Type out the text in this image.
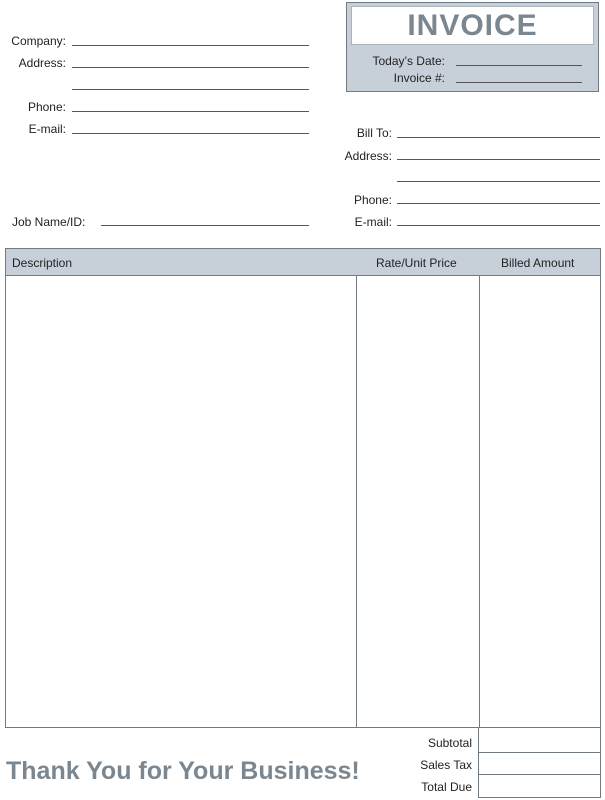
Company:
Address:
Phone:
E-mail:
Job Name/ID:
INVOICE
Today’s Date:
Invoice #:
Bill To:
Address:
Phone:
E-mail:
Description	Rate/Unit Price	Billed Amount
Subtotal
Sales Tax
Total Due
Thank You for Your Business!
